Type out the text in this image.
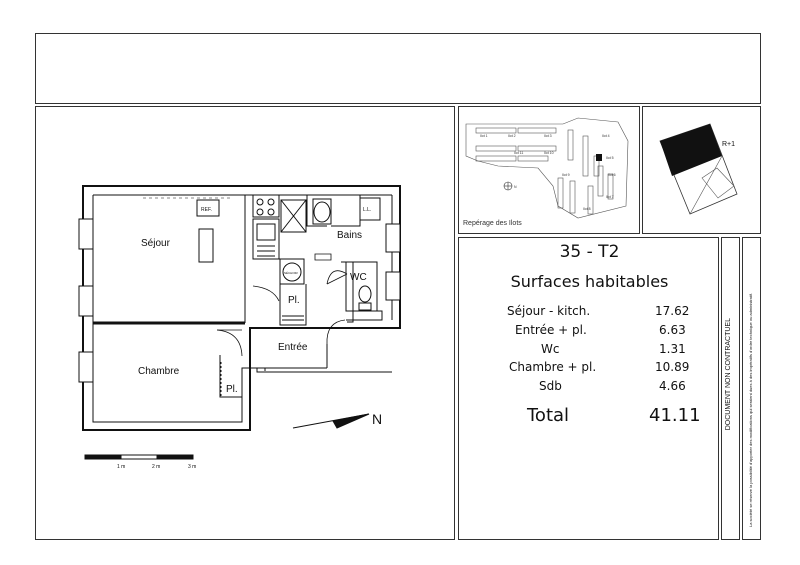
Séjour
Chambre
Entrée
Bains
WC
Pl.
Pl.
REF.	L.L.
SÉCHOIR
N
1 m	2 m	3 m
Ilot 4
Ilot 5
Ilot 6
Ilot 7
Ilot 8
Ilot 9
Ilot 10
Ilot 11
Ilot 3
Ilot 2
Ilot 1
N
Repérage des Ilots
R+1
35 - T2
Surfaces habitables
Séjour - kitch.	17.62
Entrée + pl.	6.63
Wc	1.31
Chambre + pl.	10.89
Sdb	4.66
Total	41.11	DOCUMENT NON CONTRACTUEL	La société se réserve la possibilité d'apporter des modifications qui seraient dues à des impératifs d'ordre technique ou administratif.
